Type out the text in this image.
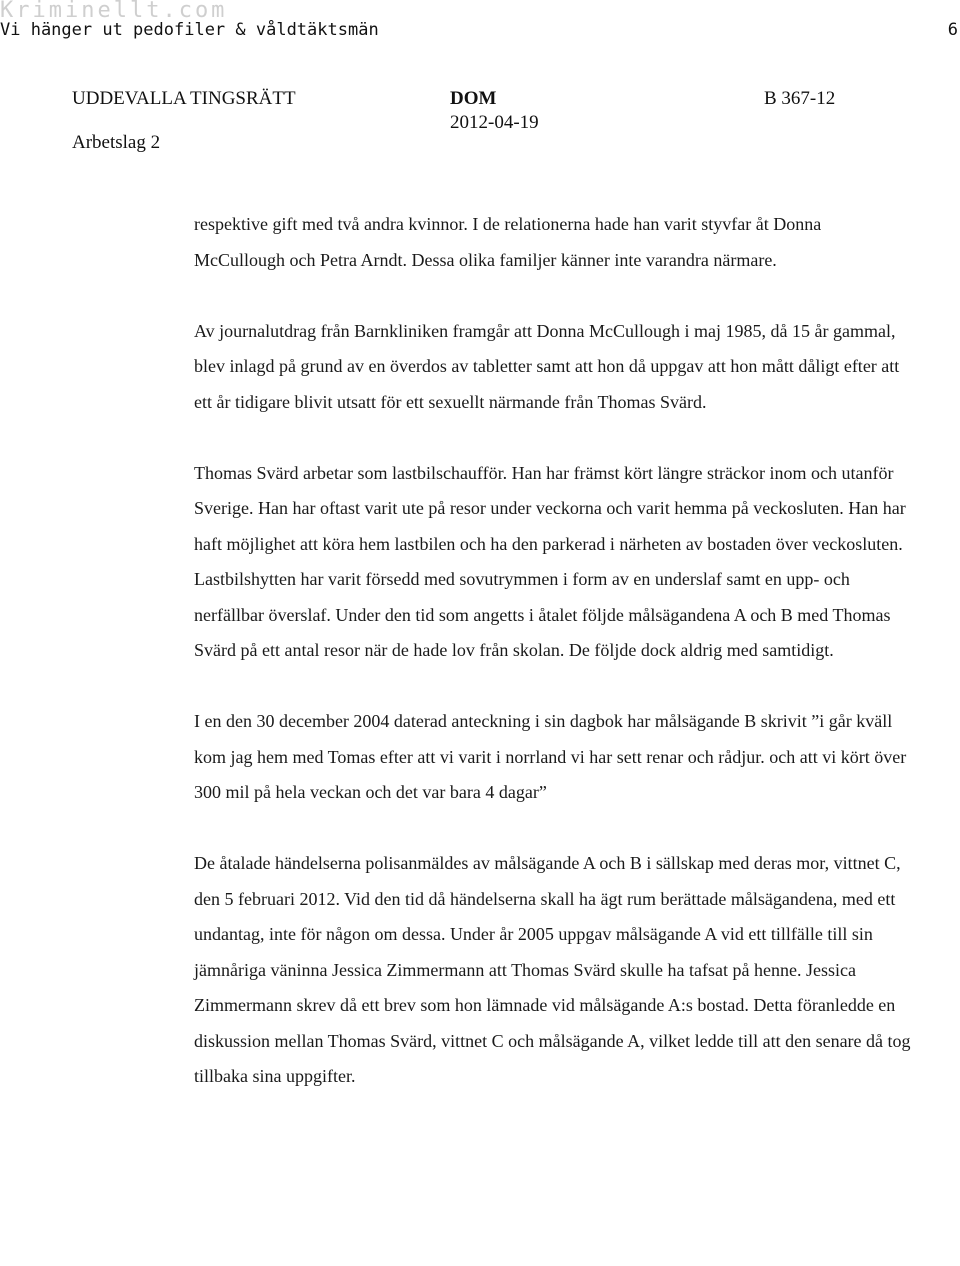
Kriminellt.com
Vi hänger ut pedofiler & våldtäktsmän	6
UDDEVALLA TINGSRÄTT
Arbetslag 2
DOM
2012-04-19
B 367-12

respektive gift med två andra kvinnor. I de relationerna hade han varit styvfar åt Donna McCullough och Petra Arndt. Dessa olika familjer känner inte varandra närmare.

Av journalutdrag från Barnkliniken framgår att Donna McCullough i maj 1985, då 15 år gammal, blev inlagd på grund av en överdos av tabletter samt att hon då uppgav att hon mått dåligt efter att ett år tidigare blivit utsatt för ett sexuellt närmande från Thomas Svärd.

Thomas Svärd arbetar som lastbilschaufför. Han har främst kört längre sträckor inom och utanför Sverige. Han har oftast varit ute på resor under veckorna och varit hemma på veckosluten. Han har haft möjlighet att köra hem lastbilen och ha den parkerad i närheten av bostaden över veckosluten. Lastbilshytten har varit försedd med sovutrymmen i form av en underslaf samt en upp- och nerfällbar överslaf. Under den tid som angetts i åtalet följde målsägandena A och B med Thomas Svärd på ett antal resor när de hade lov från skolan. De följde dock aldrig med samtidigt.

I en den 30 december 2004 daterad anteckning i sin dagbok har målsägande B skrivit ”i går kväll kom jag hem med Tomas efter att vi varit i norrland vi har sett renar och rådjur. och att vi kört över 300 mil på hela veckan och det var bara 4 dagar”

De åtalade händelserna polisanmäldes av målsägande A och B i sällskap med deras mor, vittnet C, den 5 februari 2012. Vid den tid då händelserna skall ha ägt rum berättade målsägandena, med ett undantag, inte för någon om dessa. Under år 2005 uppgav målsägande A vid ett tillfälle till sin jämnåriga väninna Jessica Zimmermann att Thomas Svärd skulle ha tafsat på henne. Jessica Zimmermann skrev då ett brev som hon lämnade vid målsägande A:s bostad. Detta föranledde en diskussion mellan Thomas Svärd, vittnet C och målsägande A, vilket ledde till att den senare då tog tillbaka sina uppgifter.
